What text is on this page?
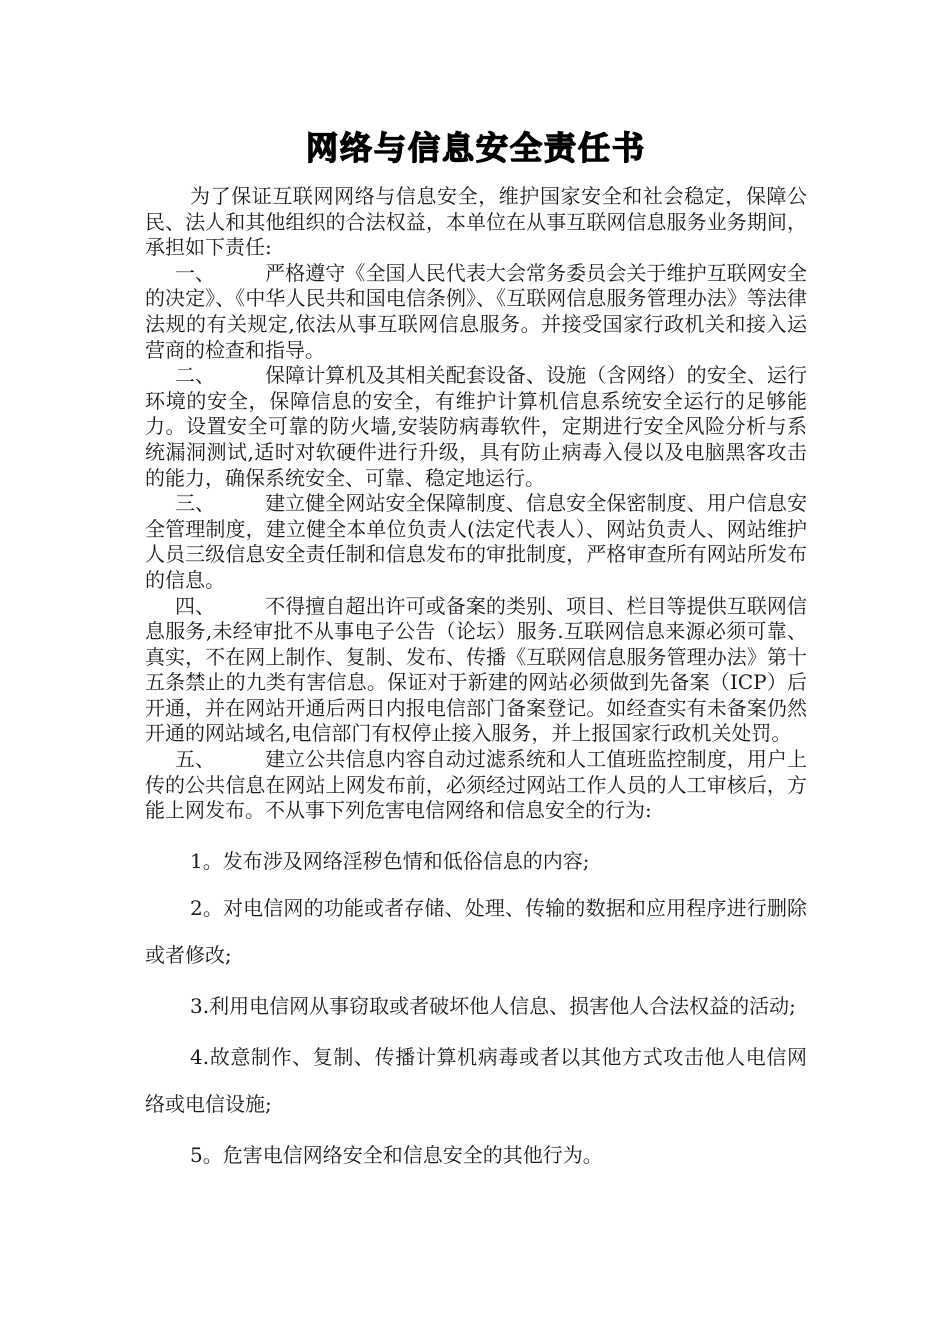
网络与信息安全责任书

为了保证互联网网络与信息安全，维护国家安全和社会稳定，保障公民、法人和其他组织的合法权益，本单位在从事互联网信息服务业务期间，承担如下责任:

一、	严格遵守《全国人民代表大会常务委员会关于维护互联网安全的决定》、《中华人民共和国电信条例》、《互联网信息服务管理办法》等法律法规的有关规定,依法从事互联网信息服务。并接受国家行政机关和接入运营商的检查和指导。

二、	保障计算机及其相关配套设备、设施（含网络）的安全、运行环境的安全，保障信息的安全，有维护计算机信息系统安全运行的足够能力。设置安全可靠的防火墙,安装防病毒软件，定期进行安全风险分析与系统漏洞测试,适时对软硬件进行升级，具有防止病毒入侵以及电脑黑客攻击的能力，确保系统安全、可靠、稳定地运行。

三、	建立健全网站安全保障制度、信息安全保密制度、用户信息安全管理制度，建立健全本单位负责人(法定代表人）、网站负责人、网站维护人员三级信息安全责任制和信息发布的审批制度，严格审查所有网站所发布的信息。

四、	不得擅自超出许可或备案的类别、项目、栏目等提供互联网信息服务,未经审批不从事电子公告（论坛）服务.互联网信息来源必须可靠、真实，不在网上制作、复制、发布、传播《互联网信息服务管理办法》第十五条禁止的九类有害信息。保证对于新建的网站必须做到先备案（ICP）后开通，并在网站开通后两日内报电信部门备案登记。如经查实有未备案仍然开通的网站域名,电信部门有权停止接入服务，并上报国家行政机关处罚。

五、	建立公共信息内容自动过滤系统和人工值班监控制度，用户上传的公共信息在网站上网发布前，必须经过网站工作人员的人工审核后，方能上网发布。不从事下列危害电信网络和信息安全的行为:

1。发布涉及网络淫秽色情和低俗信息的内容;

2。对电信网的功能或者存储、处理、传输的数据和应用程序进行删除或者修改;

3.利用电信网从事窃取或者破坏他人信息、损害他人合法权益的活动;

4.故意制作、复制、传播计算机病毒或者以其他方式攻击他人电信网络或电信设施;

5。危害电信网络安全和信息安全的其他行为。
